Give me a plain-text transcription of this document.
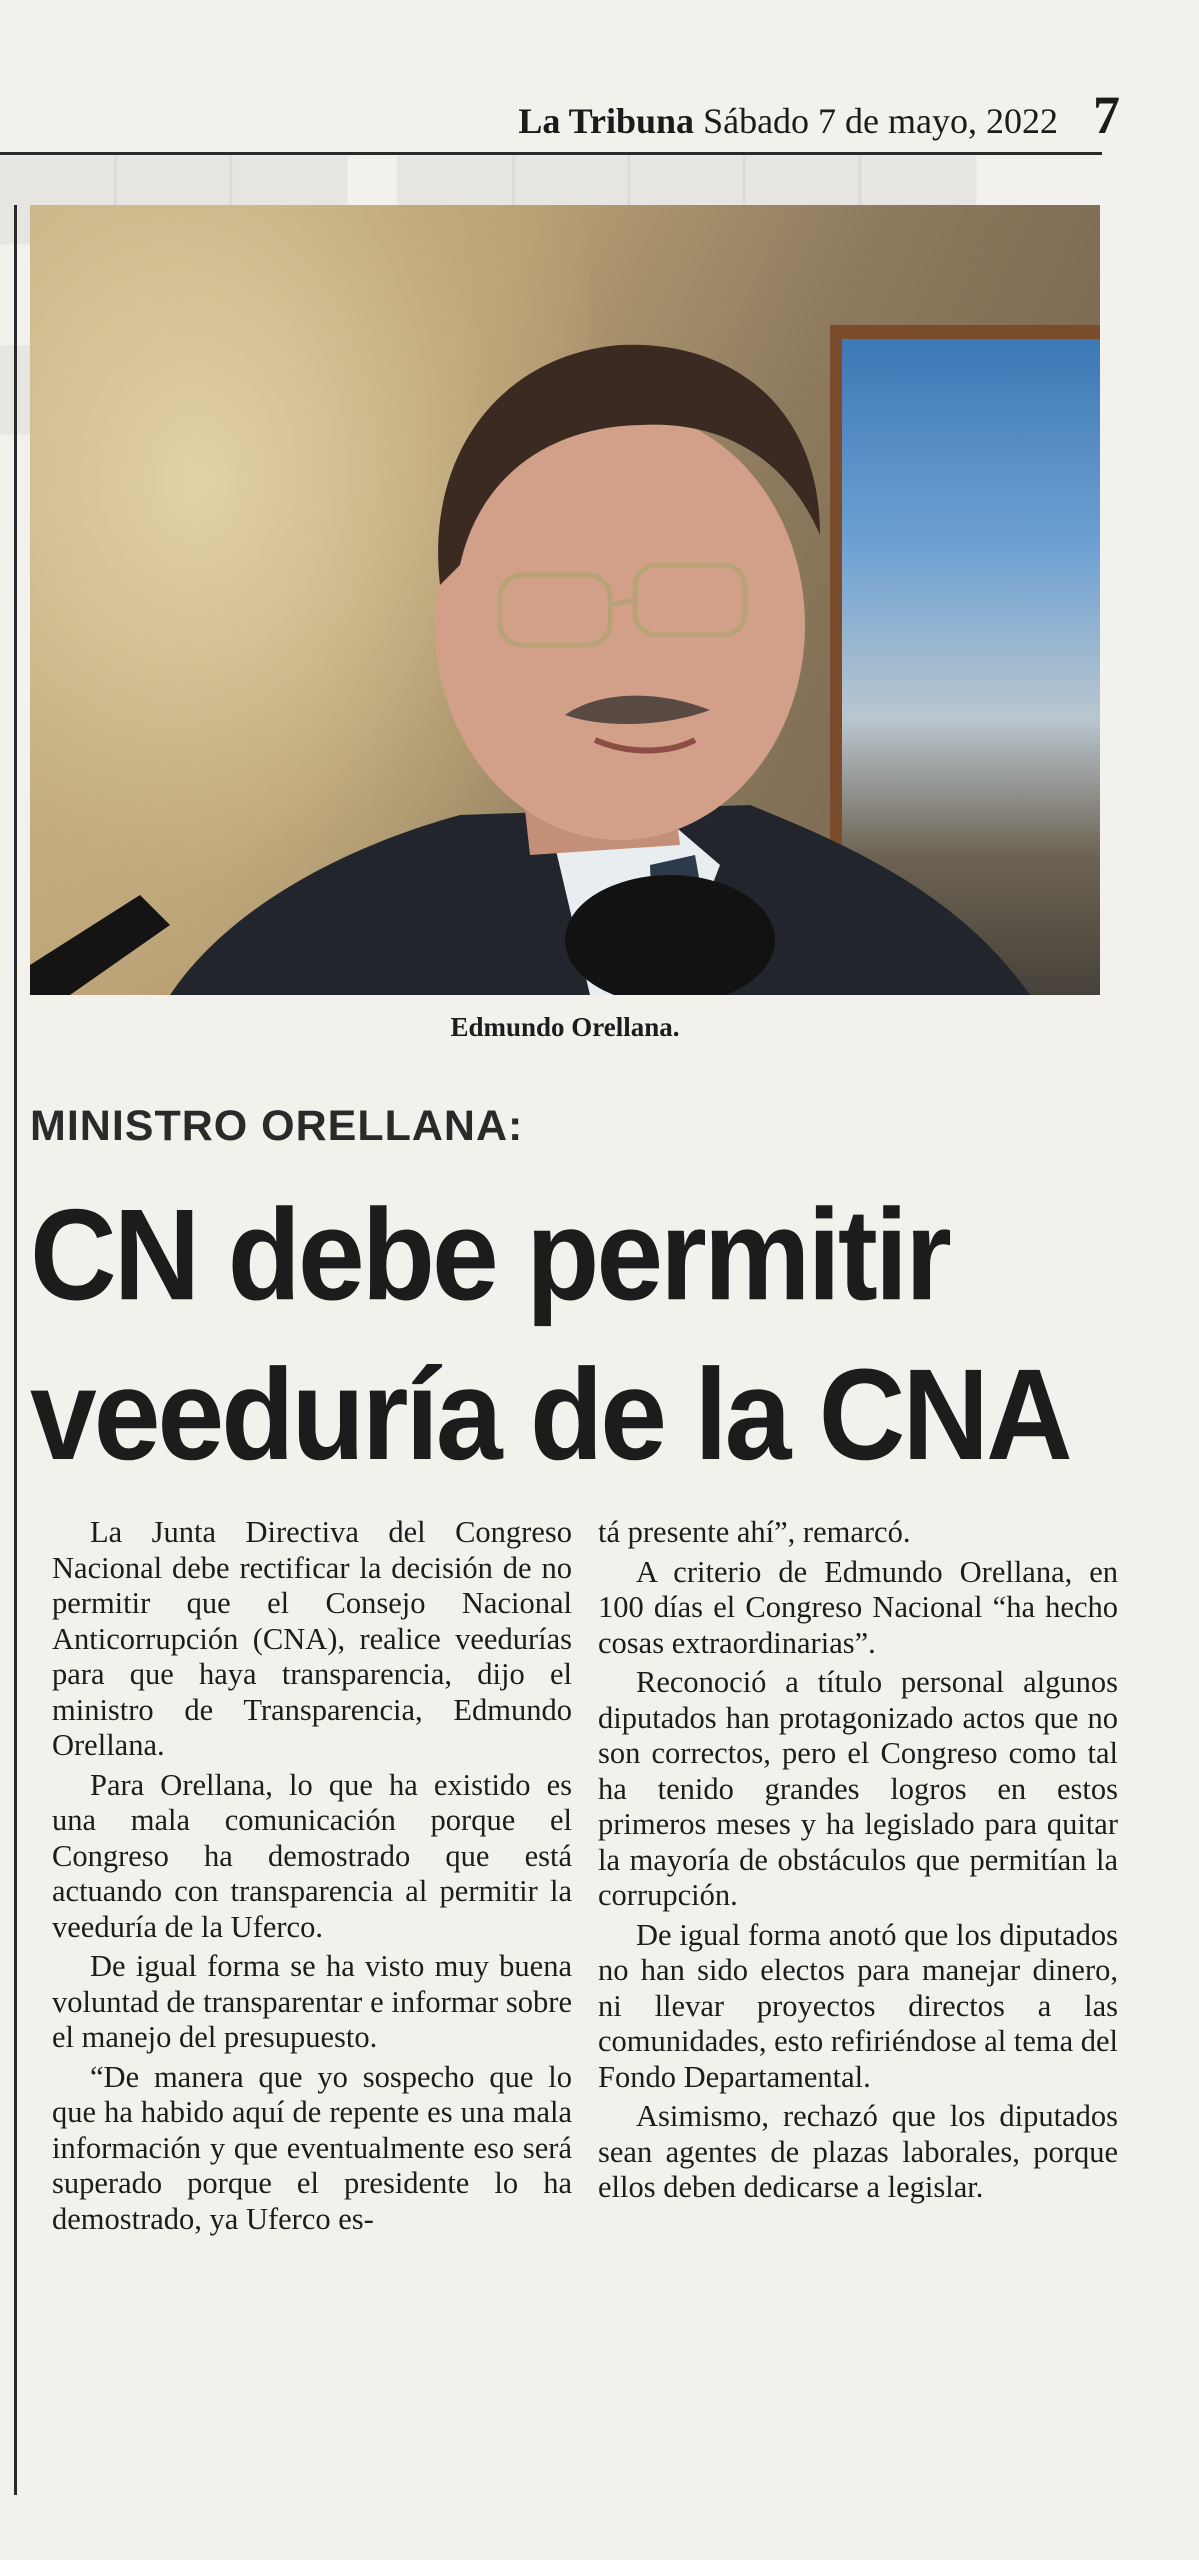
La Tribuna Sábado 7 de mayo, 2022 7
Edmundo Orellana.
MINISTRO ORELLANA:
CN debe permitir
veeduría de la CNA

La Junta Directiva del Congreso Nacional debe rectificar la decisión de no permitir que el Consejo Nacional Anticorrupción (CNA), realice veedurías para que haya transparencia, dijo el ministro de Transparencia, Edmundo Orellana.

Para Orellana, lo que ha existido es una mala comunicación porque el Congreso ha demostrado que está actuando con transparencia al permitir la veeduría de la Uferco.

De igual forma se ha visto muy buena voluntad de transparentar e informar sobre el manejo del presupuesto.

“De manera que yo sospecho que lo que ha habido aquí de repente es una mala información y que eventualmente eso será superado porque el presidente lo ha demostrado, ya Uferco es-

tá presente ahí”, remarcó.

A criterio de Edmundo Orellana, en 100 días el Congreso Nacional “ha hecho cosas extraordinarias”.

Reconoció a título personal algunos diputados han protagonizado actos que no son correctos, pero el Congreso como tal ha tenido grandes logros en estos primeros meses y ha legislado para quitar la mayoría de obstáculos que permitían la corrupción.

De igual forma anotó que los diputados no han sido electos para manejar dinero, ni llevar proyectos directos a las comunidades, esto refiriéndose al tema del Fondo Departamental.

Asimismo, rechazó que los diputados sean agentes de plazas laborales, porque ellos deben dedicarse a legislar.
